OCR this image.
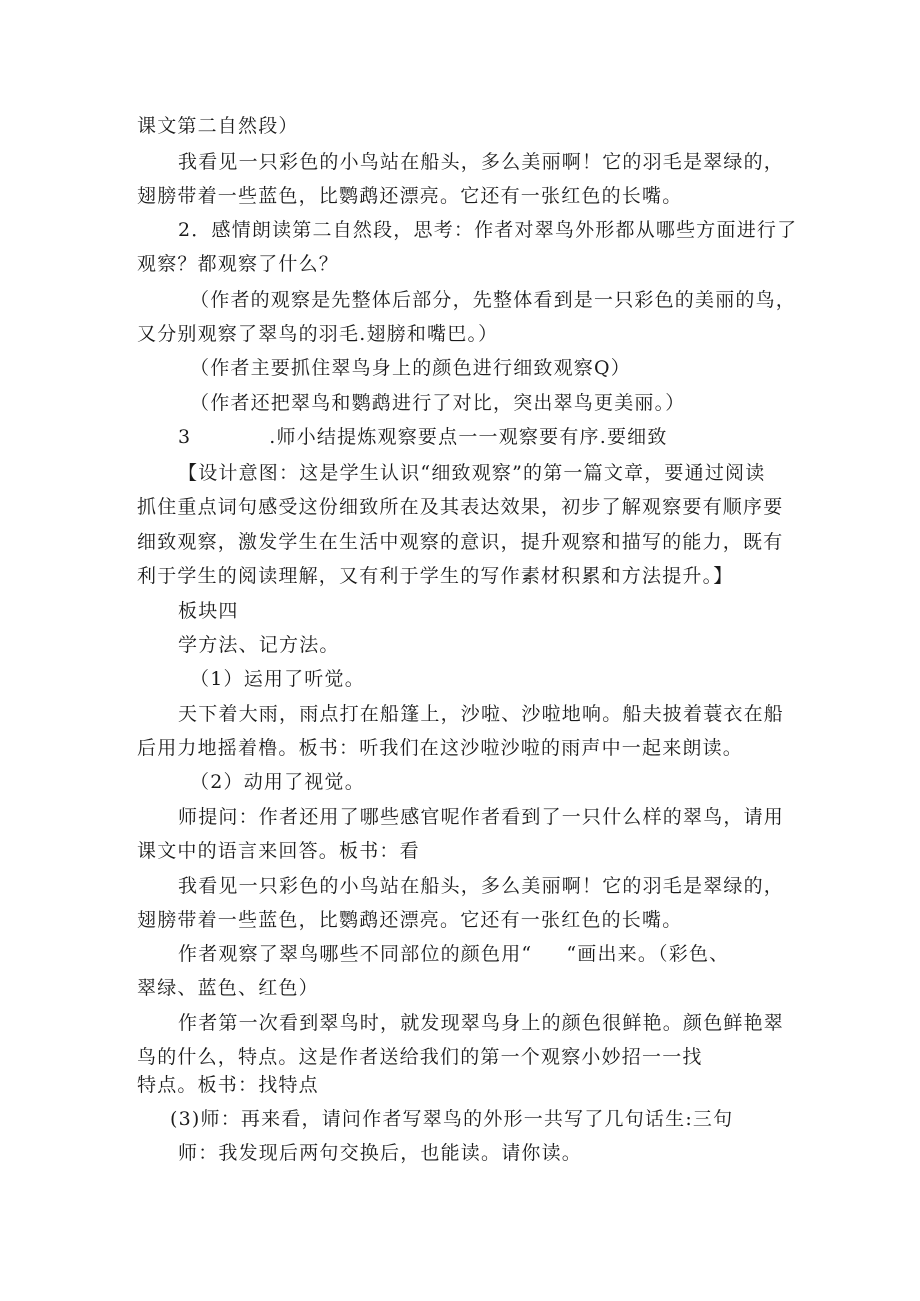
课文第二自然段）
我看见一只彩色的小鸟站在船头，多么美丽啊！它的羽毛是翠绿的，
翅膀带着一些蓝色，比鹦鹉还漂亮。它还有一张红色的长嘴。
2．感情朗读第二自然段，思考：作者对翠鸟外形都从哪些方面进行了
观察？都观察了什么？
（作者的观察是先整体后部分，先整体看到是一只彩色的美丽的鸟，
又分别观察了翠鸟的羽毛.翅膀和嘴巴。）
（作者主要抓住翠鸟身上的颜色进行细致观察Q）
（作者还把翠鸟和鹦鹉进行了对比，突出翠鸟更美丽。）
3	.师小结提炼观察要点一一观察要有序.要细致
【设计意图：这是学生认识“细致观察”的第一篇文章，要通过阅读
抓住重点词句感受这份细致所在及其表达效果，初步了解观察要有顺序要
细致观察，激发学生在生活中观察的意识，提升观察和描写的能力，既有
利于学生的阅读理解，又有利于学生的写作素材积累和方法提升。】
板块四
学方法、记方法。
（1）运用了听觉。
天下着大雨，雨点打在船篷上，沙啦、沙啦地响。船夫披着蓑衣在船
后用力地摇着橹。板书：听我们在这沙啦沙啦的雨声中一起来朗读。
（2）动用了视觉。
师提问：作者还用了哪些感官呢作者看到了一只什么样的翠鸟，请用
课文中的语言来回答。板书：看
我看见一只彩色的小鸟站在船头，多么美丽啊！它的羽毛是翠绿的，
翅膀带着一些蓝色，比鹦鹉还漂亮。它还有一张红色的长嘴。
作者观察了翠鸟哪些不同部位的颜色用“ “画出来。（彩色、
翠绿、蓝色、红色）
作者第一次看到翠鸟时，就发现翠鸟身上的颜色很鲜艳。颜色鲜艳翠
鸟的什么，特点。这是作者送给我们的第一个观察小妙招一一找
特点。板书：找特点
(3)师：再来看，请问作者写翠鸟的外形一共写了几句话生:三句
师：我发现后两句交换后，也能读。请你读。
